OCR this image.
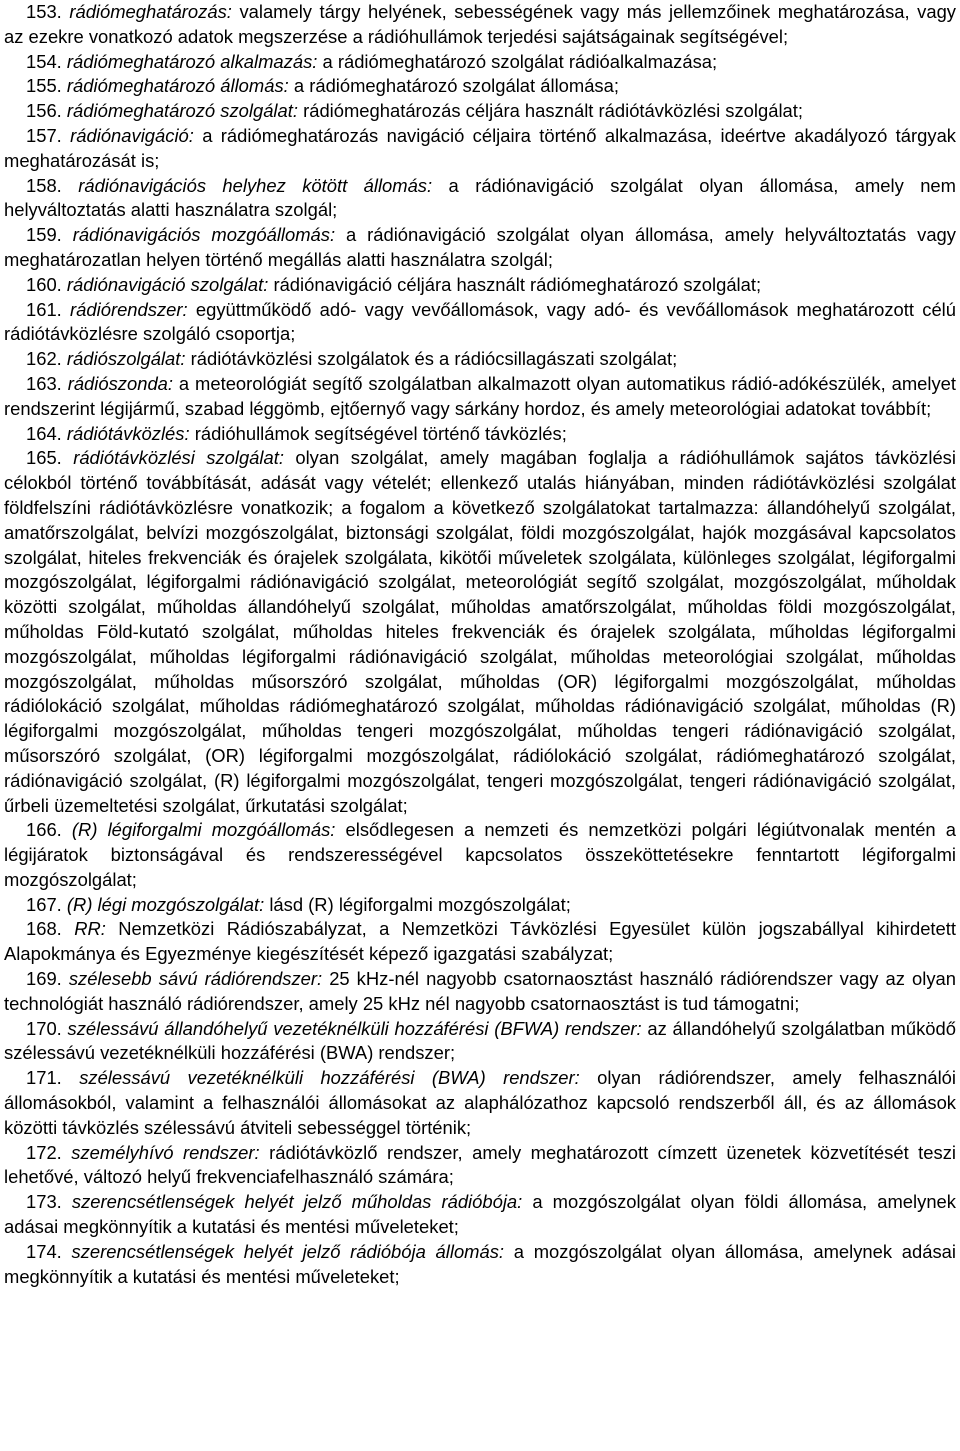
153. rádiómeghatározás: valamely tárgy helyének, sebességének vagy más jellemzőinek meghatározása, vagy az ezekre vonatkozó adatok megszerzése a rádióhullámok terjedési sajátságainak segítségével;

154. rádiómeghatározó alkalmazás: a rádiómeghatározó szolgálat rádióalkalmazása;

155. rádiómeghatározó állomás: a rádiómeghatározó szolgálat állomása;

156. rádiómeghatározó szolgálat: rádiómeghatározás céljára használt rádiótávközlési szolgálat;

157. rádiónavigáció: a rádiómeghatározás navigáció céljaira történő alkalmazása, ideértve akadályozó tárgyak meghatározását is;

158. rádiónavigációs helyhez kötött állomás: a rádiónavigáció szolgálat olyan állomása, amely nem helyváltoztatás alatti használatra szolgál;

159. rádiónavigációs mozgóállomás: a rádiónavigáció szolgálat olyan állomása, amely helyváltoztatás vagy meghatározatlan helyen történő megállás alatti használatra szolgál;

160. rádiónavigáció szolgálat: rádiónavigáció céljára használt rádiómeghatározó szolgálat;

161. rádiórendszer: együttműködő adó- vagy vevőállomások, vagy adó- és vevőállomások meghatározott célú rádiótávközlésre szolgáló csoportja;

162. rádiószolgálat: rádiótávközlési szolgálatok és a rádiócsillagászati szolgálat;

163. rádiószonda: a meteorológiát segítő szolgálatban alkalmazott olyan automatikus rádió-adókészülék, amelyet rendszerint légijármű, szabad léggömb, ejtőernyő vagy sárkány hordoz, és amely meteorológiai adatokat továbbít;

164. rádiótávközlés: rádióhullámok segítségével történő távközlés;

165. rádiótávközlési szolgálat: olyan szolgálat, amely magában foglalja a rádióhullámok sajátos távközlési célokból történő továbbítását, adását vagy vételét; ellenkező utalás hiányában, minden rádiótávközlési szolgálat földfelszíni rádiótávközlésre vonatkozik; a fogalom a következő szolgálatokat tartalmazza: állandóhelyű szolgálat, amatőrszolgálat, belvízi mozgószolgálat, biztonsági szolgálat, földi mozgószolgálat, hajók mozgásával kapcsolatos szolgálat, hiteles frekvenciák és órajelek szolgálata, kikötői műveletek szolgálata, különleges szolgálat, légiforgalmi mozgószolgálat, légiforgalmi rádiónavigáció szolgálat, meteorológiát segítő szolgálat, mozgószolgálat, műholdak közötti szolgálat, műholdas állandóhelyű szolgálat, műholdas amatőrszolgálat, műholdas földi mozgószolgálat, műholdas Föld-kutató szolgálat, műholdas hiteles frekvenciák és órajelek szolgálata, műholdas légiforgalmi mozgószolgálat, műholdas légiforgalmi rádiónavigáció szolgálat, műholdas meteorológiai szolgálat, műholdas mozgószolgálat, műholdas műsorszóró szolgálat, műholdas (OR) légiforgalmi mozgószolgálat, műholdas rádiólokáció szolgálat, műholdas rádiómeghatározó szolgálat, műholdas rádiónavigáció szolgálat, műholdas (R) légiforgalmi mozgószolgálat, műholdas tengeri mozgószolgálat, műholdas tengeri rádiónavigáció szolgálat, műsorszóró szolgálat, (OR) légiforgalmi mozgószolgálat, rádiólokáció szolgálat, rádiómeghatározó szolgálat, rádiónavigáció szolgálat, (R) légiforgalmi mozgószolgálat, tengeri mozgószolgálat, tengeri rádiónavigáció szolgálat, űrbeli üzemeltetési szolgálat, űrkutatási szolgálat;

166. (R) légiforgalmi mozgóállomás: elsődlegesen a nemzeti és nemzetközi polgári légiútvonalak mentén a légijáratok biztonságával és rendszerességével kapcsolatos összeköttetésekre fenntartott légiforgalmi mozgószolgálat;

167. (R) légi mozgószolgálat: lásd (R) légiforgalmi mozgószolgálat;

168. RR: Nemzetközi Rádiószabályzat, a Nemzetközi Távközlési Egyesület külön jogszabállyal kihirdetett Alapokmánya és Egyezménye kiegészítését képező igazgatási szabályzat;

169. szélesebb sávú rádiórendszer: 25 kHz-nél nagyobb csatornaosztást használó rádiórendszer vagy az olyan technológiát használó rádiórendszer, amely 25 kHz nél nagyobb csatornaosztást is tud támogatni;

170. szélessávú állandóhelyű vezetéknélküli hozzáférési (BFWA) rendszer: az állandóhelyű szolgálatban működő szélessávú vezetéknélküli hozzáférési (BWA) rendszer;

171. szélessávú vezetéknélküli hozzáférési (BWA) rendszer: olyan rádiórendszer, amely felhasználói állomásokból, valamint a felhasználói állomásokat az alaphálózathoz kapcsoló rendszerből áll, és az állomások közötti távközlés szélessávú átviteli sebességgel történik;

172. személyhívó rendszer: rádiótávközlő rendszer, amely meghatározott címzett üzenetek közvetítését teszi lehetővé, változó helyű frekvenciafelhasználó számára;

173. szerencsétlenségek helyét jelző műholdas rádióbója: a mozgószolgálat olyan földi állomása, amelynek adásai megkönnyítik a kutatási és mentési műveleteket;

174. szerencsétlenségek helyét jelző rádióbója állomás: a mozgószolgálat olyan állomása, amelynek adásai megkönnyítik a kutatási és mentési műveleteket;
